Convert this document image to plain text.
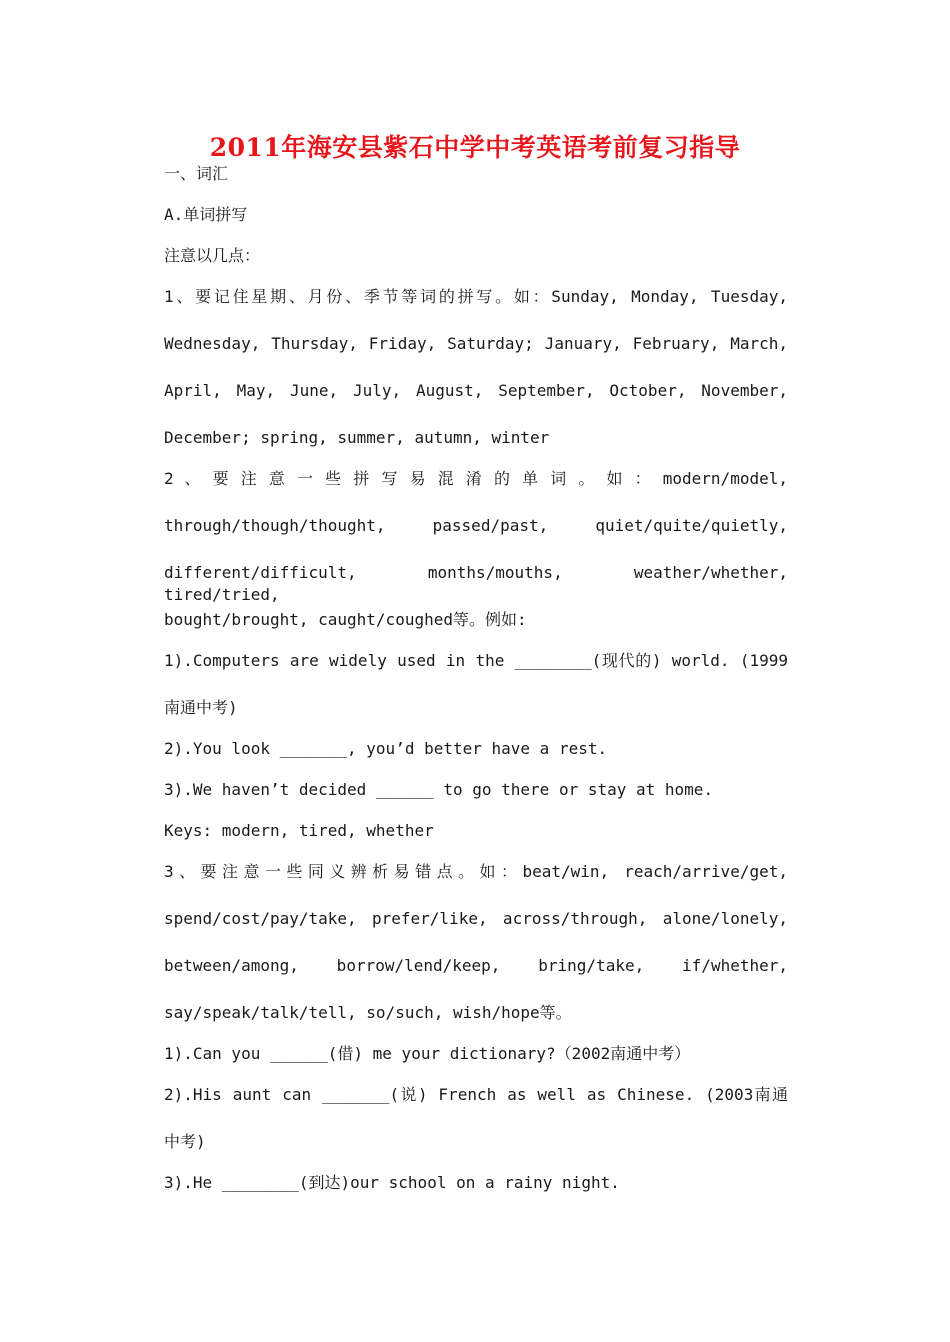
2011年海安县紫石中学中考英语考前复习指导
一、词汇
A.单词拼写
注意以几点：
1、要记住星期、月份、季节等词的拼写。如：Sunday, Monday, Tuesday,
Wednesday, Thursday, Friday, Saturday; January, February, March,
April, May, June, July, August, September, October, November,
December; spring, summer, autumn, winter
2 、 要 注 意 一 些 拼 写 易 混 淆 的 单 词 。 如 ： modern/model,
through/though/thought, passed/past, quiet/quite/quietly,
different/difficult, months/mouths, weather/whether, tired/tried,
bought/brought, caught/coughed等。例如:
1).Computers are widely used in the ________(现代的) world. (1999
南通中考)
2).You look _______, you’d better have a rest.
3).We haven’t decided ______ to go there or stay at home.
Keys: modern, tired, whether
3、要注意一些同义辨析易错点。如：beat/win, reach/arrive/get,
spend/cost/pay/take, prefer/like, across/through, alone/lonely,
between/among, borrow/lend/keep, bring/take, if/whether,
say/speak/talk/tell, so/such, wish/hope等。
1).Can you ______(借) me your dictionary?（2002南通中考）
2).His aunt can _______(说) French as well as Chinese. (2003南通
中考)
3).He ________(到达)our school on a rainy night.
